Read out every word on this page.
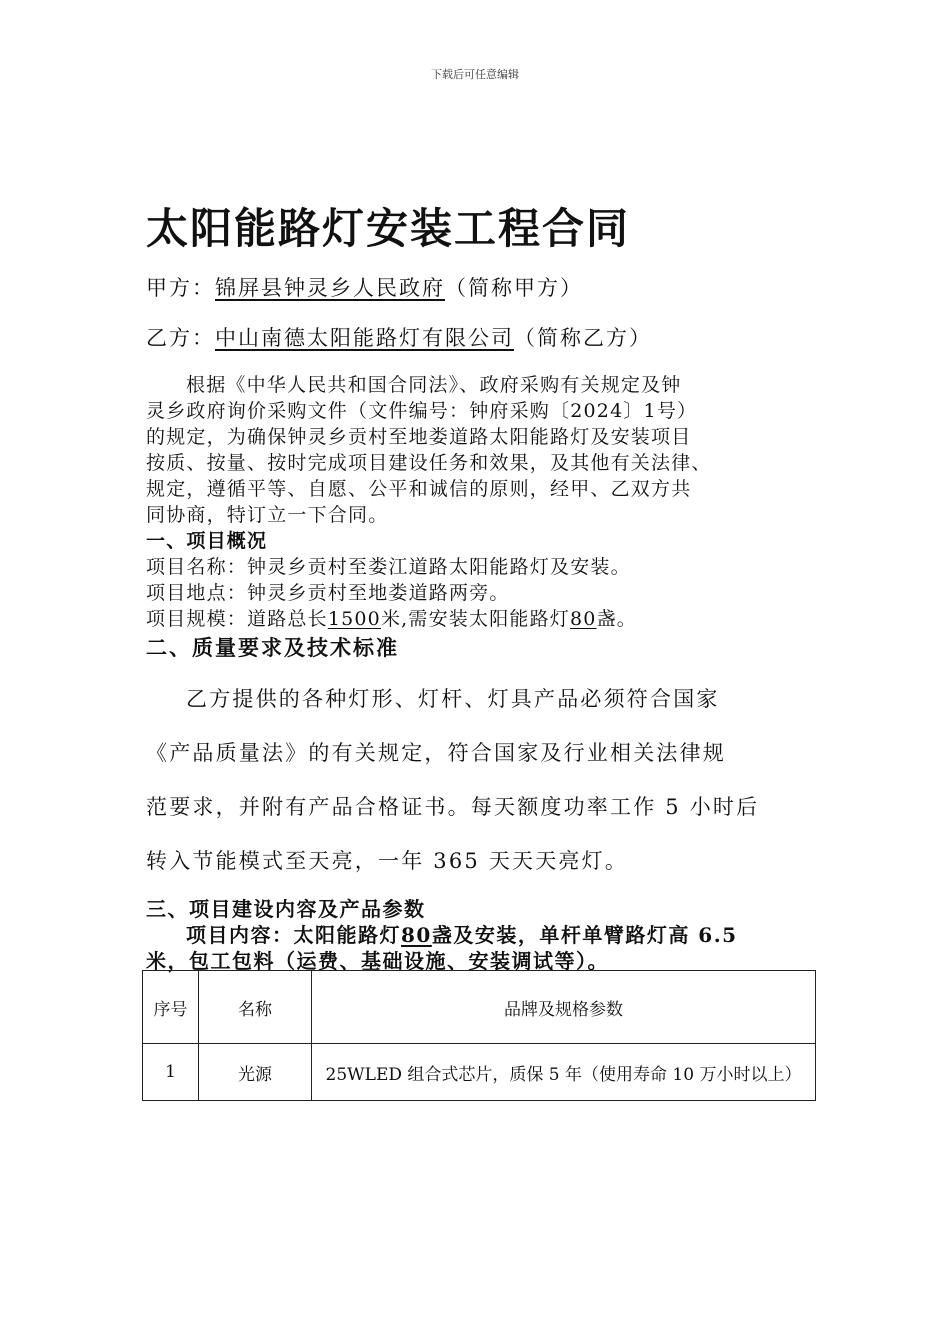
下载后可任意编辑
太阳能路灯安装工程合同
甲方：锦屏县钟灵乡人民政府（简称甲方）
乙方：中山南德太阳能路灯有限公司（简称乙方）
根据《中华人民共和国合同法》、政府采购有关规定及钟
灵乡政府询价采购文件（文件编号：钟府采购〔2024〕1号）
的规定，为确保钟灵乡贡村至地娄道路太阳能路灯及安装项目
按质、按量、按时完成项目建设任务和效果，及其他有关法律、
规定，遵循平等、自愿、公平和诚信的原则，经甲、乙双方共
同协商，特订立一下合同。
一、项目概况
项目名称：钟灵乡贡村至娄江道路太阳能路灯及安装。
项目地点：钟灵乡贡村至地娄道路两旁。
项目规模：道路总长1500米,需安装太阳能路灯80盏。
二、质量要求及技术标准
乙方提供的各种灯形、灯杆、灯具产品必须符合国家
《产品质量法》的有关规定，符合国家及行业相关法律规
范要求，并附有产品合格证书。每天额度功率工作 5 小时后
转入节能模式至天亮，一年 365 天天天亮灯。
三、项目建设内容及产品参数
项目内容：太阳能路灯80盏及安装，单杆单臂路灯高 6.5
米，包工包料（运费、基础设施、安装调试等）。
序号	名称	品牌及规格参数
1	光源	25WLED 组合式芯片，质保 5 年（使用寿命 10 万小时以上）
